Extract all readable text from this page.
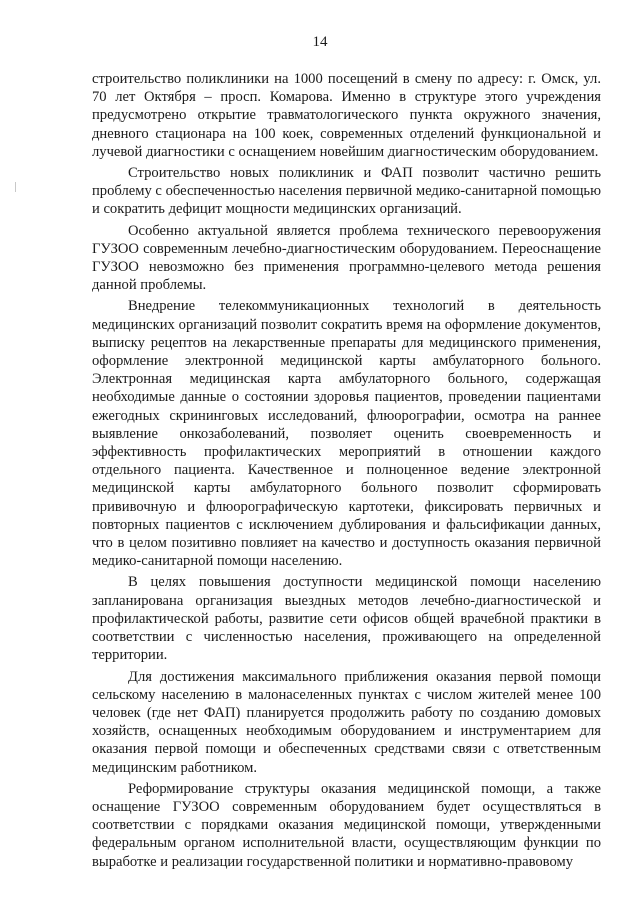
14

строительство поликлиники на 1000 посещений в смену по адресу: г. Омск, ул. 70 лет Октября – просп. Комарова. Именно в структуре этого учреждения предусмотрено открытие травматологического пункта окружного значения, дневного стационара на 100 коек, современных отделений функциональной и лучевой диагностики с оснащением новейшим диагностическим оборудованием.

Строительство новых поликлиник и ФАП позволит частично решить проблему с обеспеченностью населения первичной медико-санитарной помощью и сократить дефицит мощности медицинских организаций.

Особенно актуальной является проблема технического перевооружения ГУЗОО современным лечебно-диагностическим оборудованием. Переоснащение ГУЗОО невозможно без применения программно-целевого метода решения данной проблемы.

Внедрение телекоммуникационных технологий в деятельность медицинских организаций позволит сократить время на оформление документов, выписку рецептов на лекарственные препараты для медицинского применения, оформление электронной медицинской карты амбулаторного больного. Электронная медицинская карта амбулаторного больного, содержащая необходимые данные о состоянии здоровья пациентов, проведении пациентами ежегодных скрининговых исследований, флюорографии, осмотра на раннее выявление онкозаболеваний, позволяет оценить своевременность и эффективность профилактических мероприятий в отношении каждого отдельного пациента. Качественное и полноценное ведение электронной медицинской карты амбулаторного больного позволит сформировать прививочную и флюорографическую картотеки, фиксировать первичных и повторных пациентов с исключением дублирования и фальсификации данных, что в целом позитивно повлияет на качество и доступность оказания первичной медико-санитарной помощи населению.

В целях повышения доступности медицинской помощи населению запланирована организация выездных методов лечебно-диагностической и профилактической работы, развитие сети офисов общей врачебной практики в соответствии с численностью населения, проживающего на определенной территории.

Для достижения максимального приближения оказания первой помощи сельскому населению в малонаселенных пунктах с числом жителей менее 100 человек (где нет ФАП) планируется продолжить работу по созданию домовых хозяйств, оснащенных необходимым оборудованием и инструментарием для оказания первой помощи и обеспеченных средствами связи с ответственным медицинским работником.

Реформирование структуры оказания медицинской помощи, а также оснащение ГУЗОО современным оборудованием будет осуществляться в соответствии с порядками оказания медицинской помощи, утвержденными федеральным органом исполнительной власти, осуществляющим функции по выработке и реализации государственной политики и нормативно-правовому
